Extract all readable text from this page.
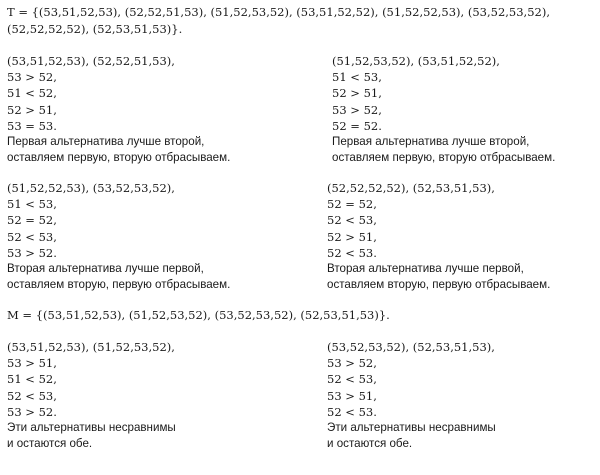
T = {(53,51,52,53), (52,52,51,53), (51,52,53,52), (53,51,52,52), (51,52,52,53), (53,52,53,52),
(52,52,52,52), (52,53,51,53)}.
(53,51,52,53), (52,52,51,53),
53 > 52,
51 < 52,
52 > 51,
53 = 53.
Первая альтернатива лучше второй,
оставляем первую, вторую отбрасываем.
(51,52,53,52), (53,51,52,52),
51 < 53,
52 > 51,
53 > 52,
52 = 52.
Первая альтернатива лучше второй,
оставляем первую, вторую отбрасываем.
(51,52,52,53), (53,52,53,52),
51 < 53,
52 = 52,
52 < 53,
53 > 52.
Вторая альтернатива лучше первой,
оставляем вторую, первую отбрасываем.
(52,52,52,52), (52,53,51,53),
52 = 52,
52 < 53,
52 > 51,
52 < 53.
Вторая альтернатива лучше первой,
оставляем вторую, первую отбрасываем.
M = {(53,51,52,53), (51,52,53,52), (53,52,53,52), (52,53,51,53)}.
(53,51,52,53), (51,52,53,52),
53 > 51,
51 < 52,
52 < 53,
53 > 52.
Эти альтернативы несравнимы
и остаются обе.
(53,52,53,52), (52,53,51,53),
53 > 52,
52 < 53,
53 > 51,
52 < 53.
Эти альтернативы несравнимы
и остаются обе.
